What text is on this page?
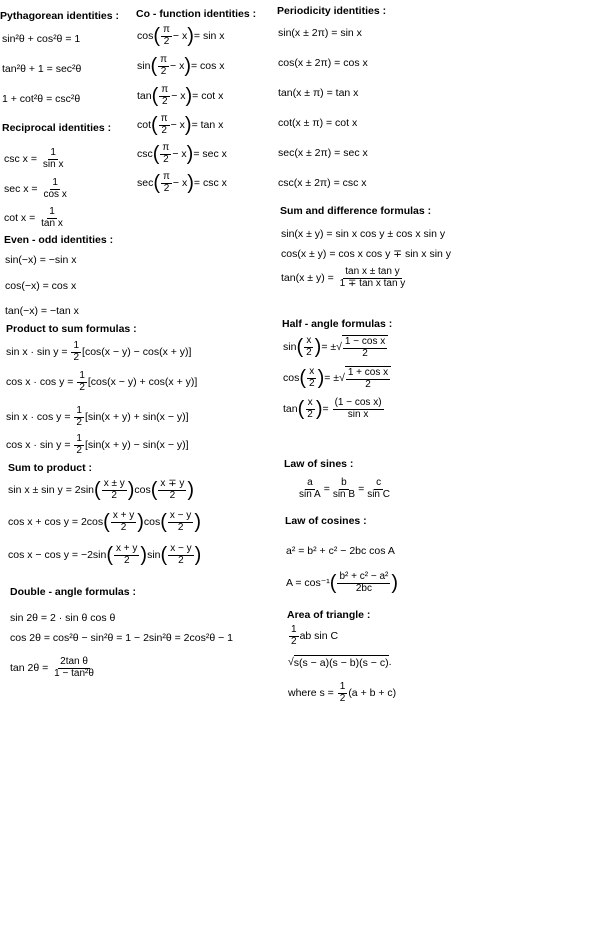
Pythagorean identities :
sin²θ + cos²θ = 1
tan²θ + 1 = sec²θ
1 + cot²θ = csc²θ
Reciprocal identities :
$\csc x = \frac{1}{\text{sin x}}$
$\sec x = \frac{1}{\text{cos x}}$
$\cot x = \frac{1}{\text{tan x}}$
Even - odd identities :
sin(−x) = −sin x
cos(−x) = cos x
tan(−x) = −tan x
Product to sum formulas :
$\sin x \cdot \sin y = \frac{1}{2} [\cos(x - y) - \cos(x + y)]$
$\cos x \cdot \cos y = \frac{1}{2} [\cos(x - y) + \cos(x + y)]$
$\sin x \cdot \cos y = \frac{1}{2} [\sin(x + y) + \sin(x - y)]$
$\cos x \cdot \sin y = \frac{1}{2} [\sin(x + y) - \sin(x - y)]$
Sum to product :
$\sin x \pm \sin y = 2\sin( \frac{x \pm y}{2} )\cos( \frac{x \mp y}{2}$ )
$\cos x + \cos y = 2\cos( \frac{x + y}{2} )\cos( \frac{x - y}{2}$ )
$\cos x - \cos y = -2\sin( \frac{x + y}{2} )\sin( \frac{x - y}{2}$ )
Double - angle formulas :
sin 2θ = 2 · sin θ cos θ
cos 2θ = cos²θ − sin²θ = 1 − 2sin²θ = 2cos²θ − 1
$\tan 2\theta = \frac{\text{2tan θ}}{\text{1 − tan²θ}}$
Co - function identities :
$\cos( \frac{\pi}{2} - x)= \sin x$
$\sin( \frac{\pi}{2} - x)= \cos x$
$\tan( \frac{\pi}{2} - x)= \cot x$
$\cot( \frac{\pi}{2} - x)= \tan x$
$\csc( \frac{\pi}{2} - x)= \sec x$
$\sec( \frac{\pi}{2} - x)= \csc x$
Periodicity identities :
sin(x ± 2π) = sin x
cos(x ± 2π) = cos x
tan(x ± π) = tan x
cot(x ± π) = cot x
sec(x ± 2π) = sec x
csc(x ± 2π) = csc x
Sum and difference formulas :
sin(x ± y) = sin x cos y ± cos x sin y
cos(x ± y) = cos x cos y ∓ sin x sin y
$\tan(x \pm y) = \frac{\text{tan x ± tan y}}{\text{1 ∓ tan x tan y}}$
Half - angle formulas :
$\sin( \frac{x}{2}$ )= ±√ $\frac{\text{1 − cos x}}{2}$
$\cos( \frac{x}{2}$ )= ±√ $\frac{\text{1 + cos x}}{2}$
$\tan( \frac{x}{2}$ )= $\frac{\text{(1 − cos x)}}{\text{sin x}}$
Law of sines :
$\frac{a}{\text{sin A}} = \frac{b}{\text{sin B}} = \frac{c}{\text{sin C}}$
Law of cosines :
a² = b² + c² − 2bc cos A
$A = \cos^{-1}( \frac{\text{b² + c² − a²}}{2bc}$ )
Area of triangle :
$\frac{1}{2}$ ab sin C
√s(s − a)(s − b)(s − c).
where $s = \frac{1}{2} (a + b + c)$
